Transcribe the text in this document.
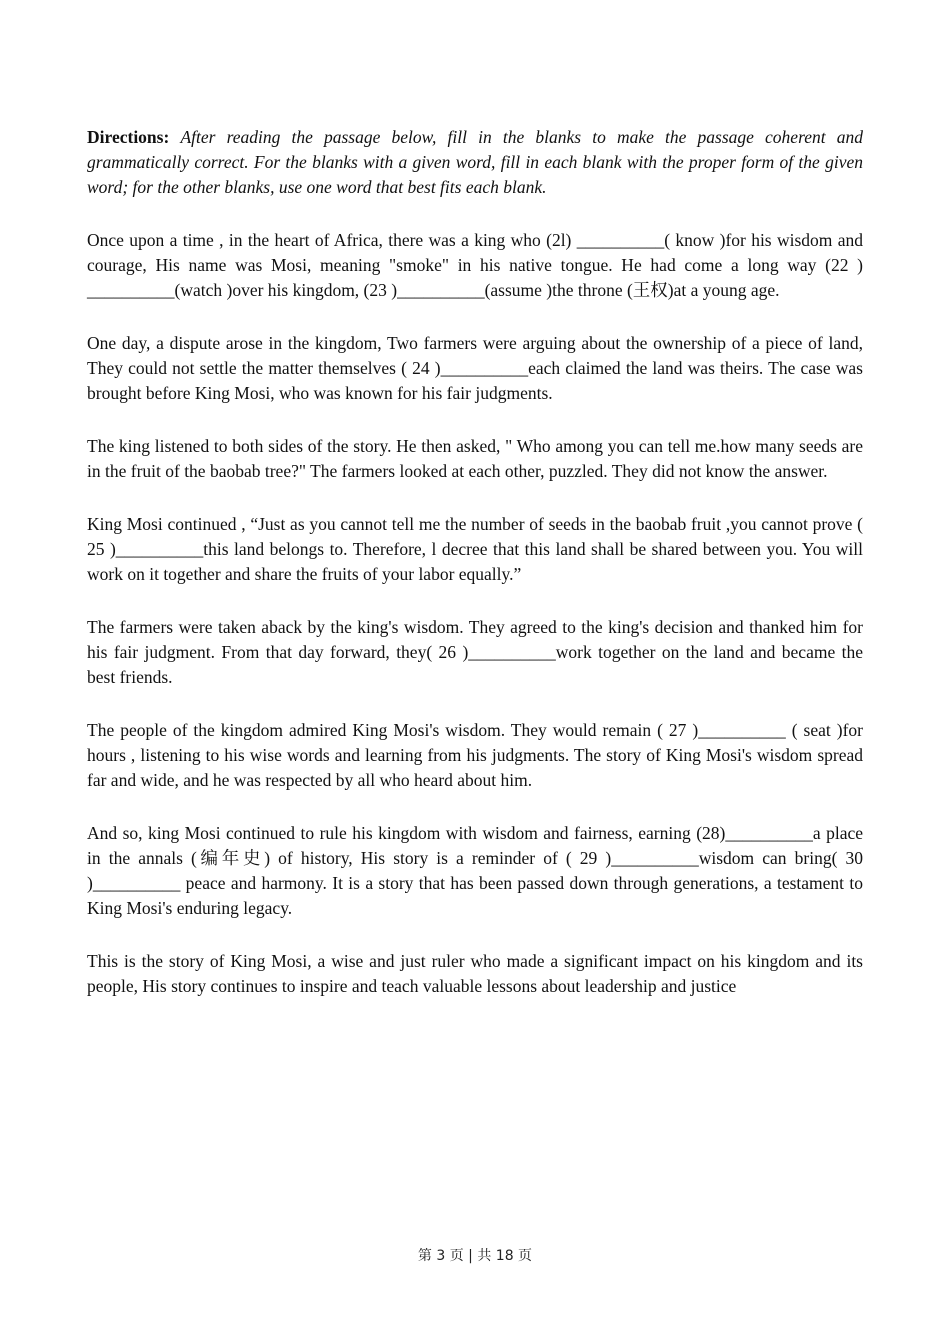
Directions: After reading the passage below, fill in the blanks to make the passage coherent and grammatically correct. For the blanks with a given word, fill in each blank with the proper form of the given word; for the other blanks, use one word that best fits each blank.

Once upon a time , in the heart of Africa, there was a king who (2l) __________( know )for his wisdom and courage, His name was Mosi, meaning "smoke" in his native tongue. He had come a long way (22 ) __________(watch )over his kingdom, (23 )__________(assume )the throne (王权)at a young age.

One day, a dispute arose in the kingdom, Two farmers were arguing about the ownership of a piece of land, They could not settle the matter themselves ( 24 )__________each claimed the land was theirs. The case was brought before King Mosi, who was known for his fair judgments.

The king listened to both sides of the story. He then asked, " Who among you can tell me.how many seeds are in the fruit of the baobab tree?" The farmers looked at each other, puzzled. They did not know the answer.

King Mosi continued , “Just as you cannot tell me the number of seeds in the baobab fruit ,you cannot prove ( 25 )__________this land belongs to. Therefore, l decree that this land shall be shared between you. You will work on it together and share the fruits of your labor equally.”

The farmers were taken aback by the king's wisdom. They agreed to the king's decision and thanked him for his fair judgment. From that day forward, they( 26 )__________work together on the land and became the best friends.

The people of the kingdom admired King Mosi's wisdom. They would remain ( 27 )__________ ( seat )for hours , listening to his wise words and learning from his judgments. The story of King Mosi's wisdom spread far and wide, and he was respected by all who heard about him.

And so, king Mosi continued to rule his kingdom with wisdom and fairness, earning (28)__________a place in the annals (编年史) of history, His story is a reminder of ( 29 )__________wisdom can bring( 30 )__________ peace and harmony. It is a story that has been passed down through generations, a testament to King Mosi's enduring legacy.

This is the story of King Mosi, a wise and just ruler who made a significant impact on his kingdom and its people, His story continues to inspire and teach valuable lessons about leadership and justice

第 3 页 | 共 18 页
